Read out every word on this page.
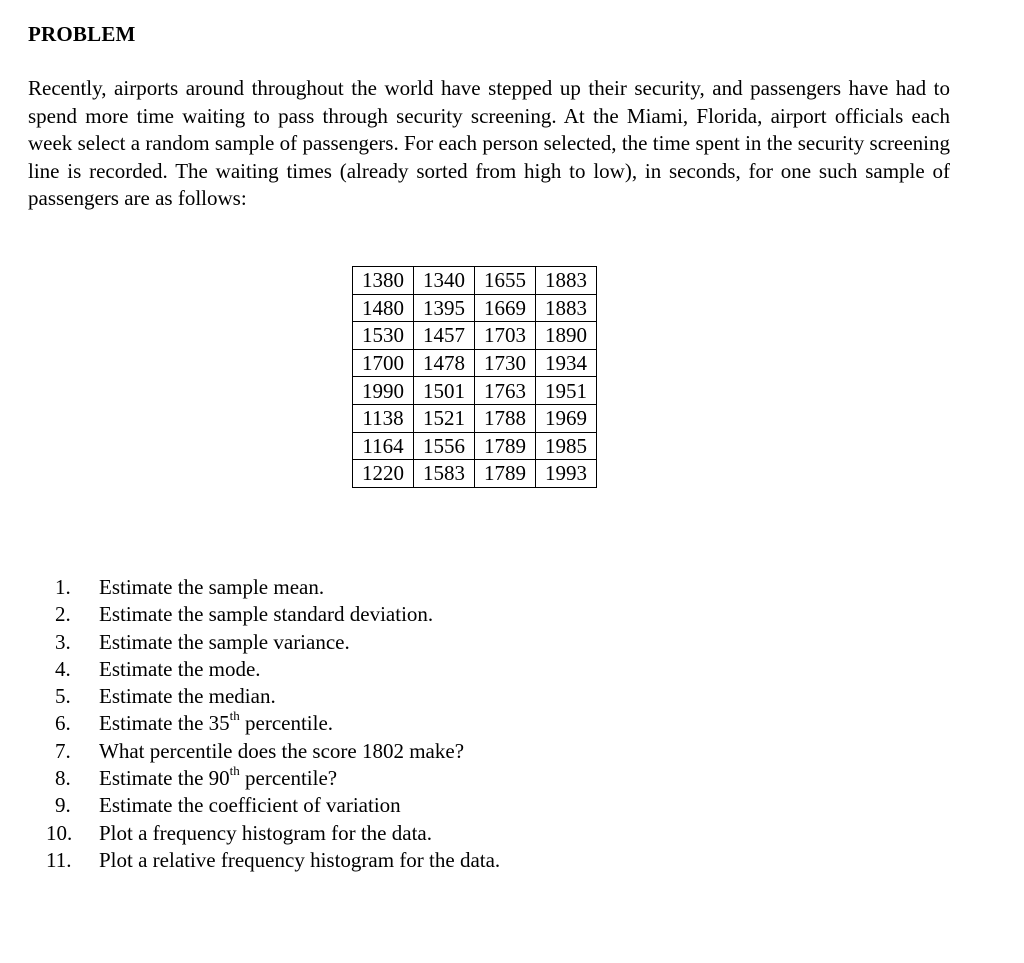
PROBLEM
Recently, airports around throughout the world have stepped up their security, and passengers have had to spend more time waiting to pass through security screening. At the Miami, Florida, airport officials each week select a random sample of passengers. For each person selected, the time spent in the security screening line is recorded. The waiting times (already sorted from high to low), in seconds, for one such sample of passengers are as follows:
1380	1340	1655	1883
1480	1395	1669	1883
1530	1457	1703	1890
1700	1478	1730	1934
1990	1501	1763	1951
1138	1521	1788	1969
1164	1556	1789	1985
1220	1583	1789	1993
1.	Estimate the sample mean.
2.	Estimate the sample standard deviation.
3.	Estimate the sample variance.
4.	Estimate the mode.
5.	Estimate the median.
6.	Estimate the 35th percentile.
7.	What percentile does the score 1802 make?
8.	Estimate the 90th percentile?
9.	Estimate the coefficient of variation
10.	Plot a frequency histogram for the data.
11.	Plot a relative frequency histogram for the data.
